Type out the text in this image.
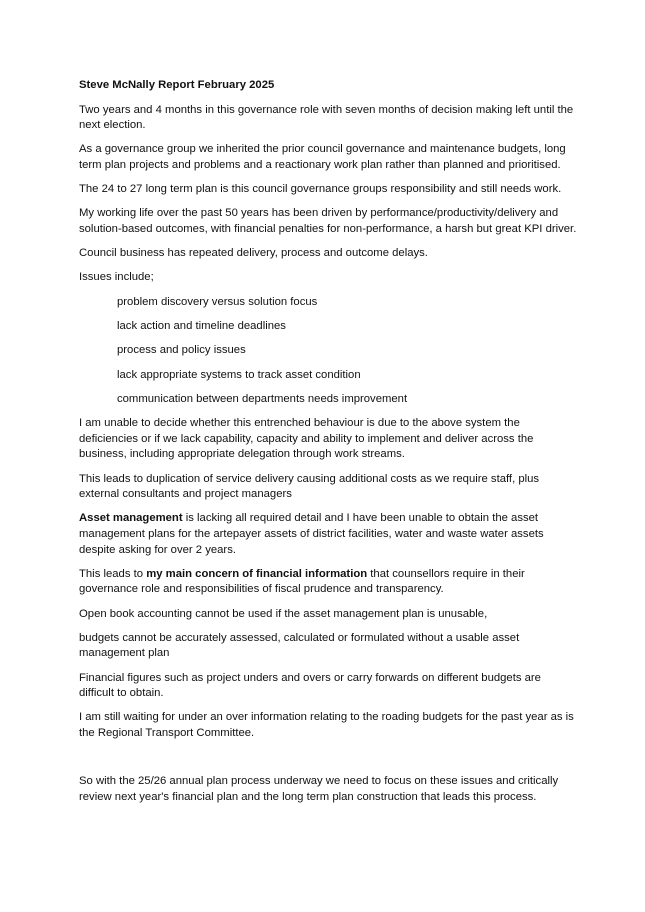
Steve McNally Report February 2025

Two years and 4 months in this governance role with seven months of decision making left until the next election.

As a governance group we inherited the prior council governance and maintenance budgets, long term plan projects and problems and a reactionary work plan rather than planned and prioritised.

The 24 to 27 long term plan is this council governance groups responsibility and still needs work.

My working life over the past 50 years has been driven by performance/productivity/delivery and solution-based outcomes, with financial penalties for non-performance, a harsh but great KPI driver.

Council business has repeated delivery, process and outcome delays.

Issues include;

problem discovery versus solution focus
lack action and timeline deadlines
process and policy issues
lack appropriate systems to track asset condition
communication between departments needs improvement

I am unable to decide whether this entrenched behaviour is due to the above system the deficiencies or if we lack capability, capacity and ability to implement and deliver across the business, including appropriate delegation through work streams.

This leads to duplication of service delivery causing additional costs as we require staff, plus external consultants and project managers

Asset management is lacking all required detail and I have been unable to obtain the asset management plans for the artepayer assets of district facilities, water and waste water assets despite asking for over 2 years.

This leads to my main concern of financial information that counsellors require in their governance role and responsibilities of fiscal prudence and transparency.

Open book accounting cannot be used if the asset management plan is unusable,

budgets cannot be accurately assessed, calculated or formulated without a usable asset management plan

Financial figures such as project unders and overs or carry forwards on different budgets are difficult to obtain.

I am still waiting for under an over information relating to the roading budgets for the past year as is the Regional Transport Committee.

So with the 25/26 annual plan process underway we need to focus on these issues and critically review next year's financial plan and the long term plan construction that leads this process.
